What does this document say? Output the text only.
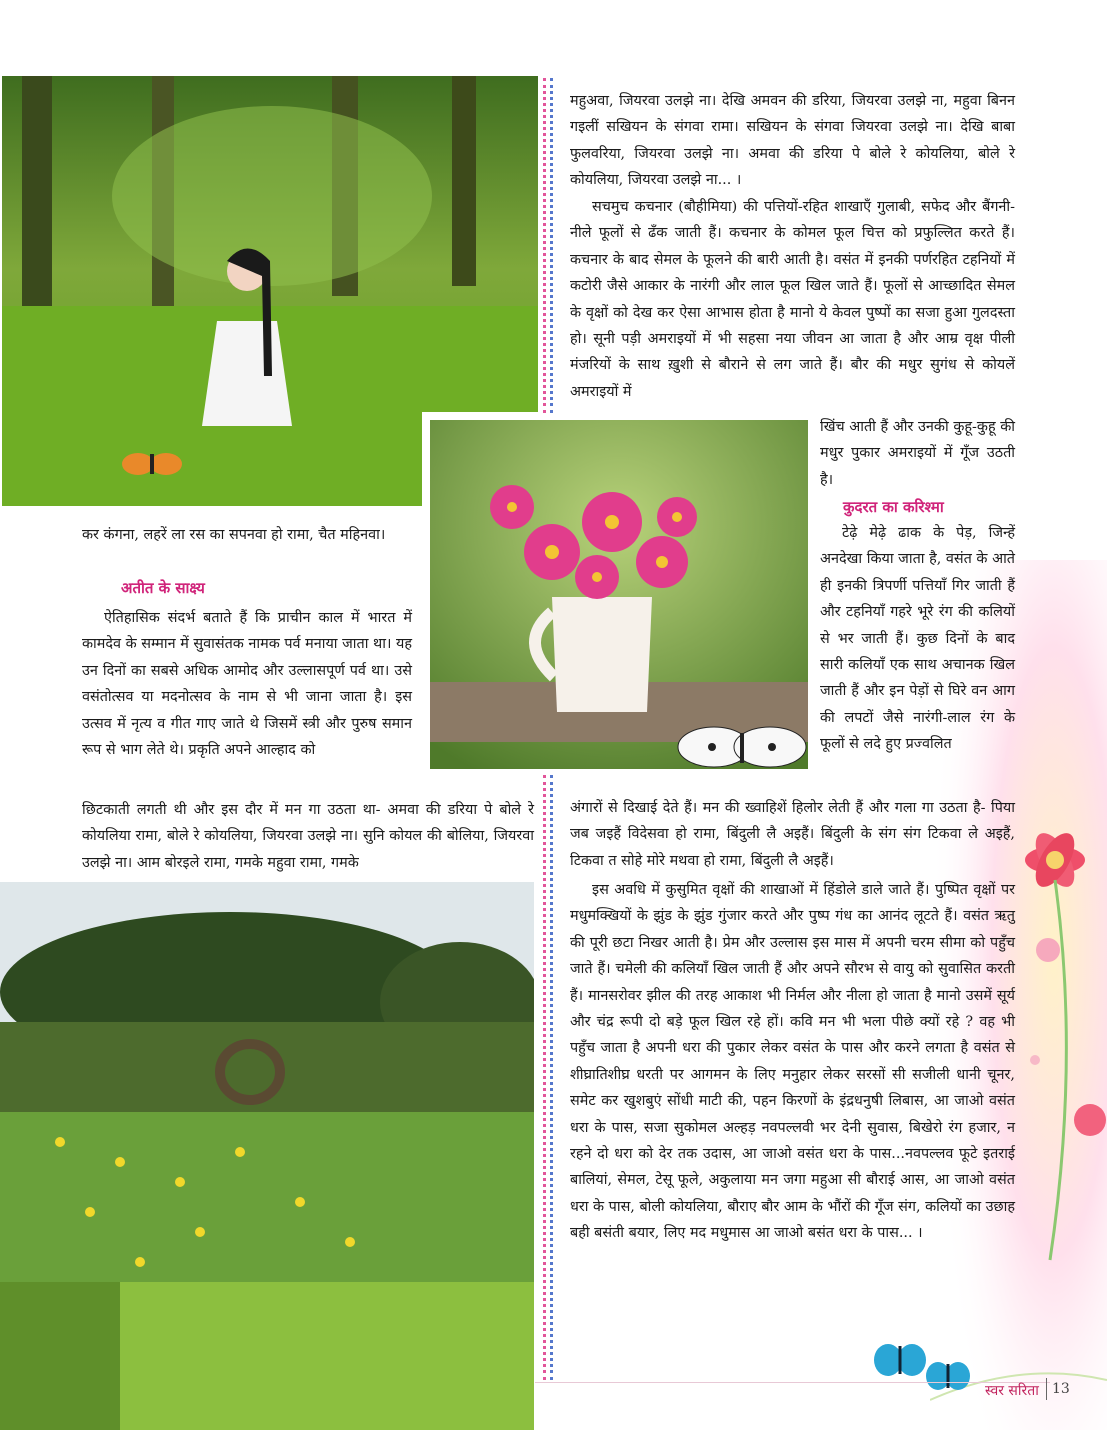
महुअवा, जियरवा उलझे ना। देखि अमवन की डरिया, जियरवा उलझे ना, महुवा बिनन गइलीं सखियन के संगवा रामा। सखियन के संगवा जियरवा उलझे ना। देखि बाबा फुलवरिया, जियरवा उलझे ना। अमवा की डरिया पे बोले रे कोयलिया, बोले रे कोयलिया, जियरवा उलझे ना... ।

सचमुच कचनार (बौहीमिया) की पत्तियों-रहित शाखाएँ गुलाबी, सफेद और बैंगनी-नीले फूलों से ढँक जाती हैं। कचनार के कोमल फूल चित्त को प्रफुल्लित करते हैं। कचनार के बाद सेमल के फूलने की बारी आती है। वसंत में इनकी पर्णरहित टहनियों में कटोरी जैसे आकार के नारंगी और लाल फूल खिल जाते हैं। फूलों से आच्छादित सेमल के वृक्षों को देख कर ऐसा आभास होता है मानो ये केवल पुष्पों का सजा हुआ गुलदस्ता हो। सूनी पड़ी अमराइयों में भी सहसा नया जीवन आ जाता है और आम्र वृक्ष पीली मंजरियों के साथ ख़ुशी से बौराने से लग जाते हैं। बौर की मधुर सुगंध से कोयलें अमराइयों में

खिंच आती हैं और उनकी कुहू-कुहू की मधुर पुकार अमराइयों में गूँज उठती है।

कुदरत का करिश्मा

टेढ़े मेढ़े ढाक के पेड़, जिन्हें अनदेखा किया जाता है, वसंत के आते ही इनकी त्रिपर्णी पत्तियाँ गिर जाती हैं और टहनियाँ गहरे भूरे रंग की कलियों से भर जाती हैं। कुछ दिनों के बाद सारी कलियाँ एक साथ अचानक खिल जाती हैं और इन पेड़ों से घिरे वन आग की लपटों जैसे नारंगी-लाल रंग के फूलों से लदे हुए प्रज्वलित

अंगारों से दिखाई देते हैं। मन की ख्वाहिशें हिलोर लेती हैं और गला गा उठता है- पिया जब जइहैं विदेसवा हो रामा, बिंदुली लै अइहैं। बिंदुली के संग संग टिकवा ले अइहैं, टिकवा त सोहे मोरे मथवा हो रामा, बिंदुली लै अइहैं।

इस अवधि में कुसुमित वृक्षों की शाखाओं में हिंडोले डाले जाते हैं। पुष्पित वृक्षों पर मधुमक्खियों के झुंड के झुंड गुंजार करते और पुष्प गंध का आनंद लूटते हैं। वसंत ऋतु की पूरी छटा निखर आती है। प्रेम और उल्लास इस मास में अपनी चरम सीमा को पहुँच जाते हैं। चमेली की कलियाँ खिल जाती हैं और अपने सौरभ से वायु को सुवासित करती हैं। मानसरोवर झील की तरह आकाश भी निर्मल और नीला हो जाता है मानो उसमें सूर्य और चंद्र रूपी दो बड़े फूल खिल रहे हों। कवि मन भी भला पीछे क्यों रहे ? वह भी पहुँच जाता है अपनी धरा की पुकार लेकर वसंत के पास और करने लगता है वसंत से शीघ्रातिशीघ्र धरती पर आगमन के लिए मनुहार लेकर सरसों सी सजीली धानी चूनर, समेट कर खुशबुएं सोंधी माटी की, पहन किरणों के इंद्रधनुषी लिबास, आ जाओ वसंत धरा के पास, सजा सुकोमल अल्हड़ नवपल्लवी भर देनी सुवास, बिखेरो रंग हजार, न रहने दो धरा को देर तक उदास, आ जाओ वसंत धरा के पास...नवपल्लव फूटे इतराई बालियां, सेमल, टेसू फूले, अकुलाया मन जगा महुआ सी बौराई आस, आ जाओ वसंत धरा के पास, बोली कोयलिया, बौराए बौर आम के भौंरों की गूँज संग, कलियों का उछाह बही बसंती बयार, लिए मद मधुमास आ जाओ बसंत धरा के पास... ।

कर कंगना, लहरें ला रस का सपनवा हो रामा, चैत महिनवा।

अतीत के साक्ष्य

ऐतिहासिक संदर्भ बताते हैं कि प्राचीन काल में भारत में कामदेव के सम्मान में सुवासंतक नामक पर्व मनाया जाता था। यह उन दिनों का सबसे अधिक आमोद और उल्लासपूर्ण पर्व था। उसे वसंतोत्सव या मदनोत्सव के नाम से भी जाना जाता है। इस उत्सव में नृत्य व गीत गाए जाते थे जिसमें स्त्री और पुरुष समान रूप से भाग लेते थे। प्रकृति अपने आल्हाद को

छिटकाती लगती थी और इस दौर में मन गा उठता था- अमवा की डरिया पे बोले रे कोयलिया रामा, बोले रे कोयलिया, जियरवा उलझे ना। सुनि कोयल की बोलिया, जियरवा उलझे ना। आम बोरइले रामा, गमके महुवा रामा, गमके

स्वर सरिता 13
